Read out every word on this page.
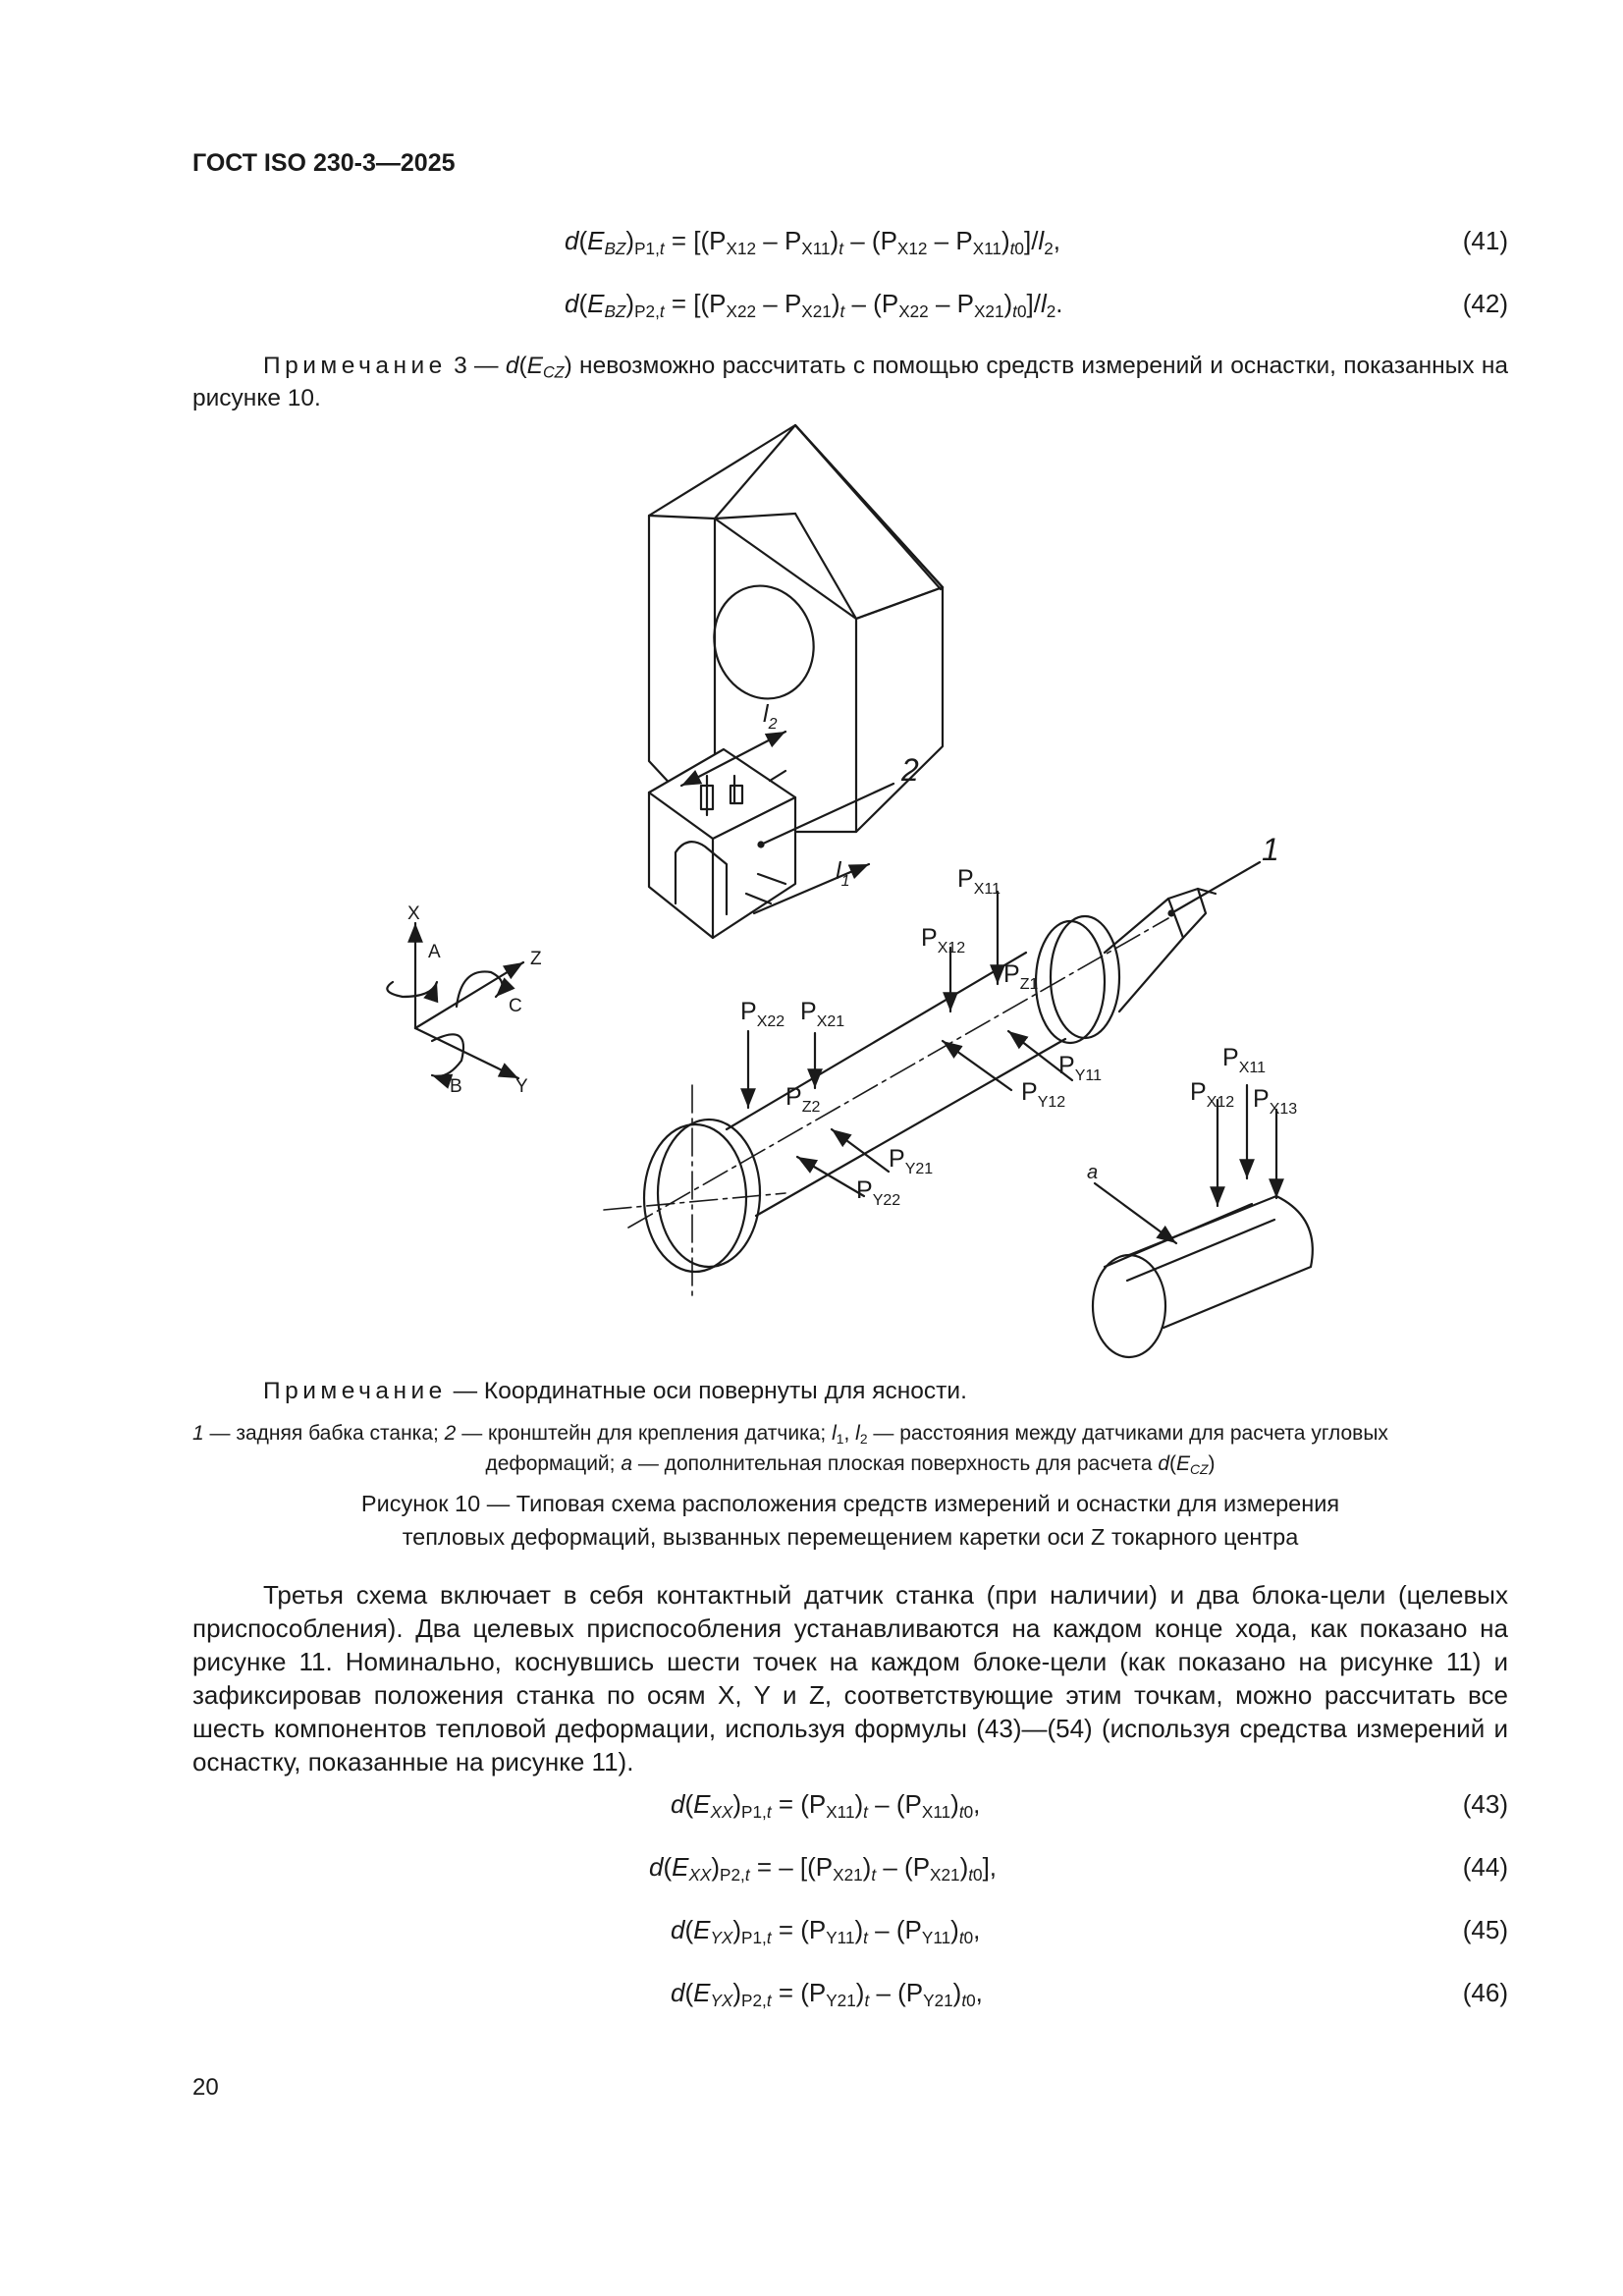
ГОСТ ISO 230-3—2025
$d(E_{BZ})_{P1,t} = [(P_{X12} - P_{X11})_t - (P_{X12} - P_{X11})_{t0}]/l_2$,	(41)
$d(E_{BZ})_{P2,t} = [(P_{X22} - P_{X21})_t - (P_{X22} - P_{X21})_{t0}]/l_2$.	(42)
Примечание 3 — $d(E_{CZ})$ невозможно рассчитать с помощью средств измерений и оснастки, показанных на рисунке 10.
2
1
$l_2$
$l_1$	$P_{X11}$
$P_{X12}$
$P_{Z1}$
$P_{Y11}$
$P_{Y12}$
$P_{X22}$ $P_{X21}$
$P_{Z2}$
$P_{Y21}$
$P_{Y22}$
$P_{X11}$
$P_{X12}$ $P_{X13}$
a
X
A	Z
C
B	Y
Примечание — Координатные оси повернуты для ясности.
1 — задняя бабка станка; 2 — кронштейн для крепления датчика; $l_1$, $l_2$ — расстояния между датчиками для расчета угловых
деформаций; a — дополнительная плоская поверхность для расчета $d(E_{CZ})$
Рисунок 10 — Типовая схема расположения средств измерений и оснастки для измерения
тепловых деформаций, вызванных перемещением каретки оси Z токарного центра
Третья схема включает в себя контактный датчик станка (при наличии) и два блока-цели (целевых приспособления). Два целевых приспособления устанавливаются на каждом конце хода, как показано на рисунке 11. Номинально, коснувшись шести точек на каждом блоке-цели (как показано на рисунке 11) и зафиксировав положения станка по осям X, Y и Z, соответствующие этим точкам, можно рассчитать все шесть компонентов тепловой деформации, используя формулы (43)—(54) (используя средства измерений и оснастку, показанные на рисунке 11).
$d(E_{XX})_{P1,t} = (P_{X11})_t - (P_{X11})_{t0}$,	(43)
$d(E_{XX})_{P2,t}$ = – $[(P_{X21})_t - (P_{X21})_{t0}]$,	(44)
$d(E_{YX})_{P1,t} = (P_{Y11})_t - (P_{Y11})_{t0}$,	(45)
$d(E_{YX})_{P2,t} = (P_{Y21})_t - (P_{Y21})_{t0}$,	(46)
20
